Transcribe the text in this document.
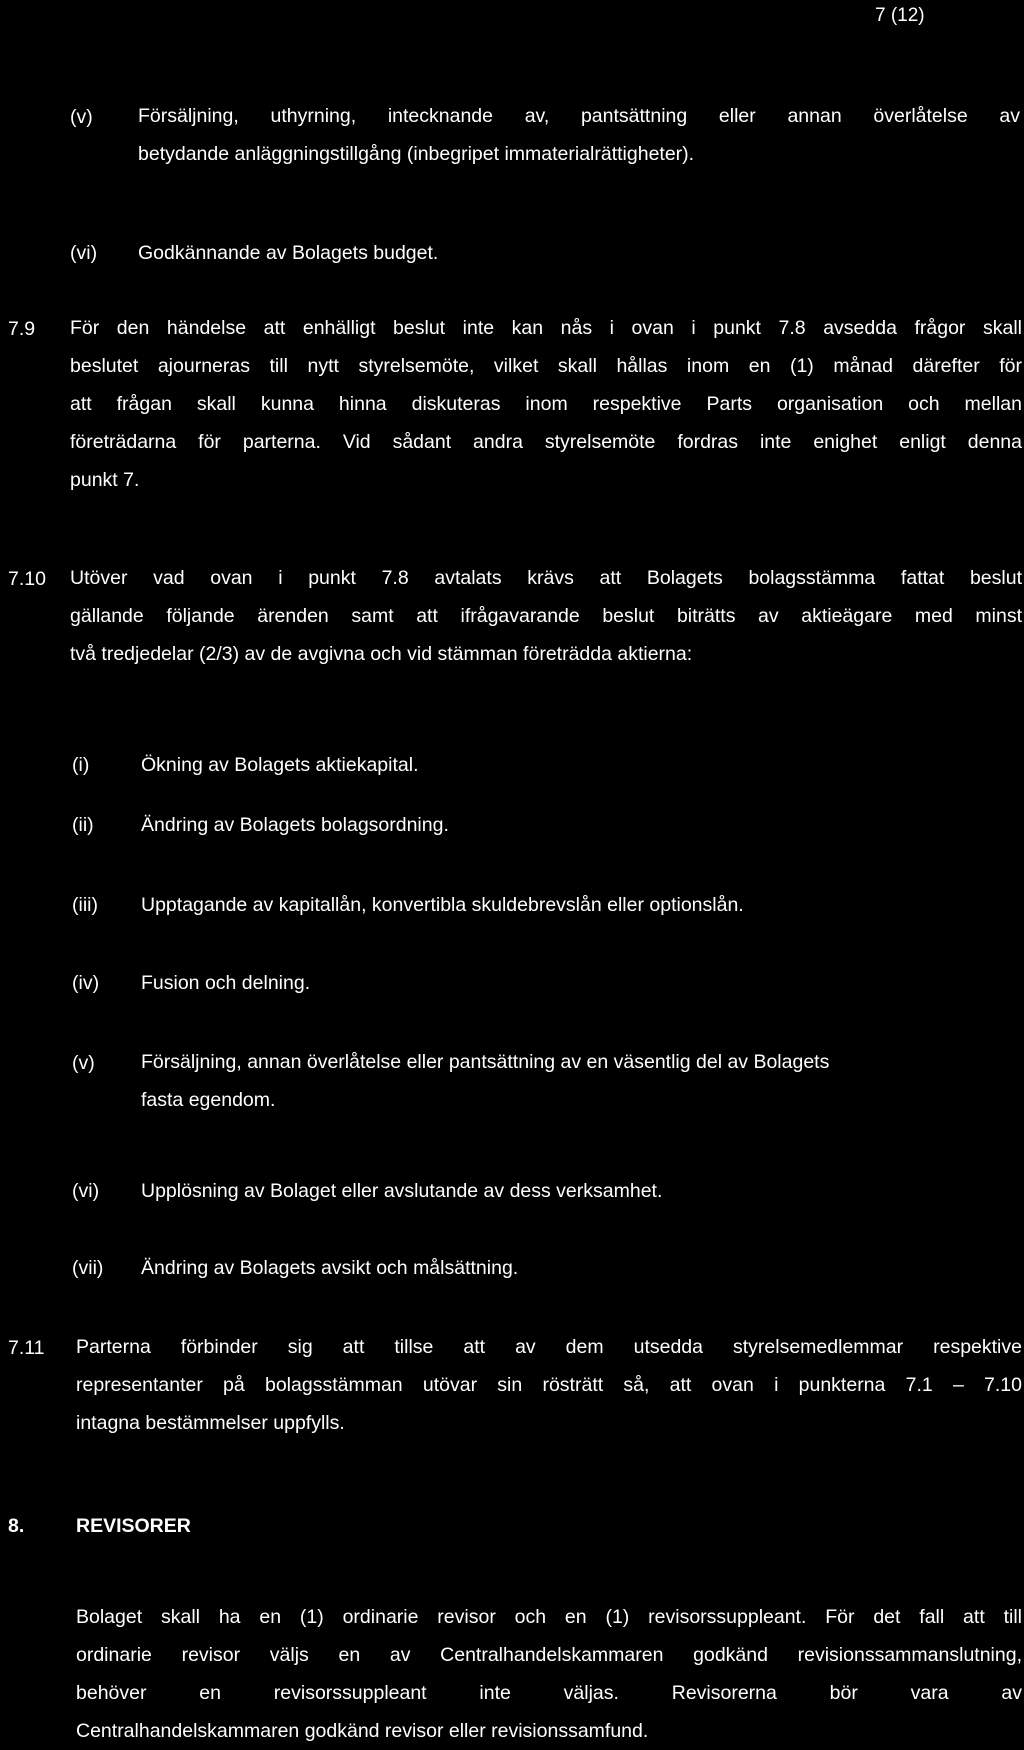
7 (12)
(v) Försäljning, uthyrning, intecknande av, pantsättning eller annan överlåtelse av
betydande anläggningstillgång (inbegripet immaterialrättigheter).
(vi) Godkännande av Bolagets budget.
7.9 För den händelse att enhälligt beslut inte kan nås i ovan i punkt 7.8 avsedda frågor skall
beslutet ajourneras till nytt styrelsemöte, vilket skall hållas inom en (1) månad därefter för
att frågan skall kunna hinna diskuteras inom respektive Parts organisation och mellan
företrädarna för parterna. Vid sådant andra styrelsemöte fordras inte enighet enligt denna
punkt 7.
7.10 Utöver vad ovan i punkt 7.8 avtalats krävs att Bolagets bolagsstämma fattat beslut
gällande följande ärenden samt att ifrågavarande beslut biträtts av aktieägare med minst
två tredjedelar (2/3) av de avgivna och vid stämman företrädda aktierna:
(i)	Ökning av Bolagets aktiekapital.
(ii) Ändring av Bolagets bolagsordning.
(iii) Upptagande av kapitallån, konvertibla skuldebrevslån eller optionslån.
(iv) Fusion och delning.
(v) Försäljning, annan överlåtelse eller pantsättning av en väsentlig del av Bolagets
fasta egendom.
(vi) Upplösning av Bolaget eller avslutande av dess verksamhet.
(vii) Ändring av Bolagets avsikt och målsättning.
7.11 Parterna förbinder sig att tillse att av dem utsedda styrelsemedlemmar respektive
representanter på bolagsstämman utövar sin rösträtt så, att ovan i punkterna 7.1 – 7.10
intagna bestämmelser uppfylls.
8.	REVISORER
Bolaget skall ha en (1) ordinarie revisor och en (1) revisorssuppleant. För det fall att till
ordinarie revisor väljs en av Centralhandelskammaren godkänd revisionssammanslutning,
behöver en revisorssuppleant inte väljas. Revisorerna bör vara av
Centralhandelskammaren godkänd revisor eller revisionssamfund.
